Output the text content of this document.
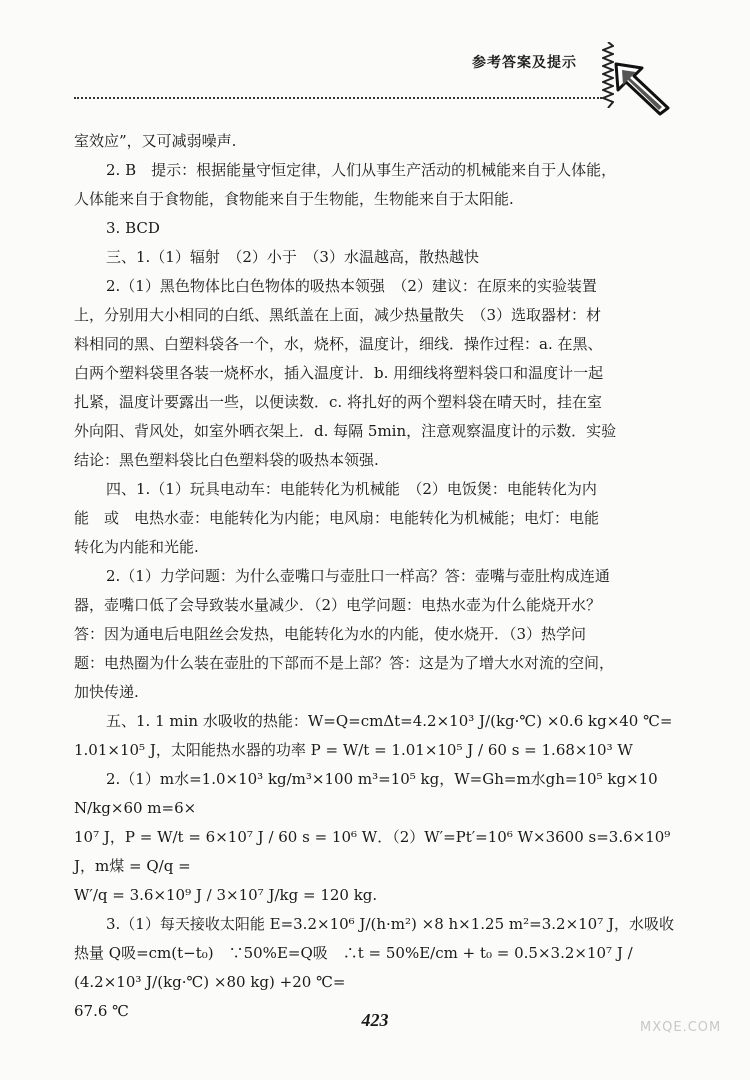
参考答案及提示

室效应”，又可减弱噪声.

2. B　提示：根据能量守恒定律，人们从事生产活动的机械能来自于人体能，

人体能来自于食物能，食物能来自于生物能，生物能来自于太阳能.

3. BCD

三、1.（1）辐射　（2）小于　（3）水温越高，散热越快

2.（1）黑色物体比白色物体的吸热本领强　（2）建议：在原来的实验装置

上，分别用大小相同的白纸、黑纸盖在上面，减少热量散失　（3）选取器材：材

料相同的黑、白塑料袋各一个，水，烧杯，温度计，细线．操作过程：a. 在黑、

白两个塑料袋里各装一烧杯水，插入温度计．b. 用细线将塑料袋口和温度计一起

扎紧，温度计要露出一些，以便读数．c. 将扎好的两个塑料袋在晴天时，挂在室

外向阳、背风处，如室外晒衣架上．d. 每隔 5min，注意观察温度计的示数．实验

结论：黑色塑料袋比白色塑料袋的吸热本领强.

四、1.（1）玩具电动车：电能转化为机械能　（2）电饭煲：电能转化为内

能　或　电热水壶：电能转化为内能；电风扇：电能转化为机械能；电灯：电能

转化为内能和光能.

2.（1）力学问题：为什么壶嘴口与壶肚口一样高？答：壶嘴与壶肚构成连通

器，壶嘴口低了会导致装水量减少．（2）电学问题：电热水壶为什么能烧开水？

答：因为通电后电阻丝会发热，电能转化为水的内能，使水烧开．（3）热学问

题：电热圈为什么装在壶肚的下部而不是上部？答：这是为了增大水对流的空间，

加快传递.

五、1. 1 min 水吸收的热能：W=Q=cmΔt=4.2×10³ J/(kg·℃) ×0.6 kg×40 ℃=

1.01×10⁵ J，太阳能热水器的功率 P = W/t = 1.01×10⁵ J / 60 s = 1.68×10³ W

2.（1）m水=1.0×10³ kg/m³×100 m³=10⁵ kg，W=Gh=m水gh=10⁵ kg×10 N/kg×60 m=6×

10⁷ J，P = W/t = 6×10⁷ J / 60 s = 10⁶ W．（2）W′=Pt′=10⁶ W×3600 s=3.6×10⁹ J，m煤 = Q/q =

W′/q = 3.6×10⁹ J / 3×10⁷ J/kg = 120 kg.

3.（1）每天接收太阳能 E=3.2×10⁶ J/(h·m²) ×8 h×1.25 m²=3.2×10⁷ J，水吸收

热量 Q吸=cm(t−t₀)　∵50%E=Q吸　∴t = 50%E/cm + t₀ = 0.5×3.2×10⁷ J / (4.2×10³ J/(kg·℃) ×80 kg) +20 ℃=

67.6 ℃	423	MXQE.COM
